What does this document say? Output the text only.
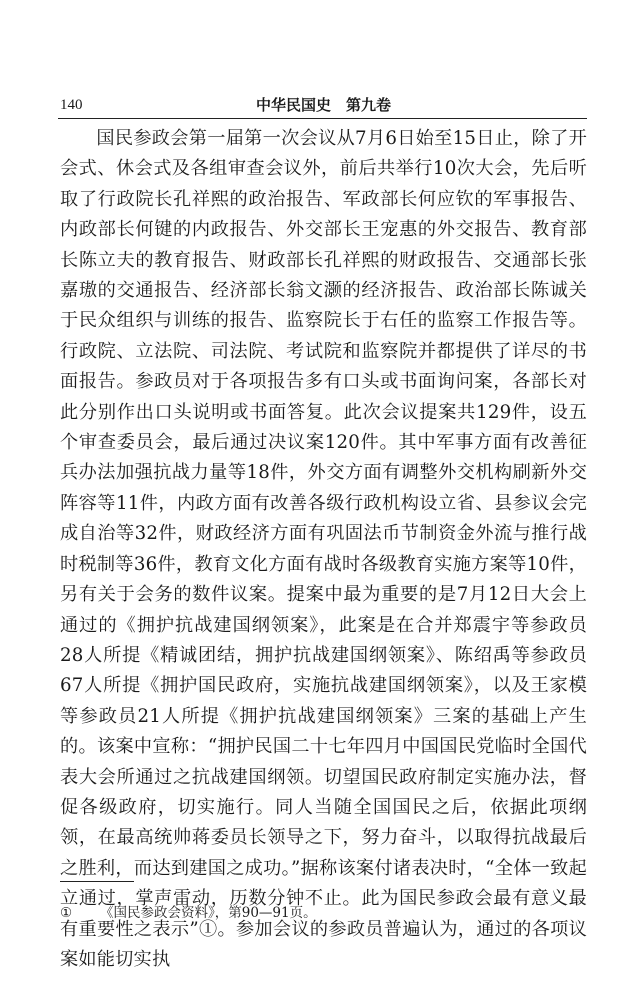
140	中华民国史　第九卷

国民参政会第一届第一次会议从7月6日始至15日止，除了开会式、休会式及各组审查会议外，前后共举行10次大会，先后听取了行政院长孔祥熙的政治报告、军政部长何应钦的军事报告、内政部长何键的内政报告、外交部长王宠惠的外交报告、教育部长陈立夫的教育报告、财政部长孔祥熙的财政报告、交通部长张嘉璈的交通报告、经济部长翁文灏的经济报告、政治部长陈诚关于民众组织与训练的报告、监察院长于右任的监察工作报告等。行政院、立法院、司法院、考试院和监察院并都提供了详尽的书面报告。参政员对于各项报告多有口头或书面询问案，各部长对此分别作出口头说明或书面答复。此次会议提案共129件，设五个审查委员会，最后通过决议案120件。其中军事方面有改善征兵办法加强抗战力量等18件，外交方面有调整外交机构刷新外交阵容等11件，内政方面有改善各级行政机构设立省、县参议会完成自治等32件，财政经济方面有巩固法币节制资金外流与推行战时税制等36件，教育文化方面有战时各级教育实施方案等10件，另有关于会务的数件议案。提案中最为重要的是7月12日大会上通过的《拥护抗战建国纲领案》，此案是在合并郑震宇等参政员28人所提《精诚团结，拥护抗战建国纲领案》、陈绍禹等参政员67人所提《拥护国民政府，实施抗战建国纲领案》，以及王家模等参政员21人所提《拥护抗战建国纲领案》三案的基础上产生的。该案中宣称：“拥护民国二十七年四月中国国民党临时全国代表大会所通过之抗战建国纲领。切望国民政府制定实施办法，督促各级政府，切实施行。同人当随全国国民之后，依据此项纲领，在最高统帅蒋委员长领导之下，努力奋斗，以取得抗战最后之胜利，而达到建国之成功。”据称该案付诸表决时，“全体一致起立通过，掌声雷动，历数分钟不止。此为国民参政会最有意义最有重要性之表示”①。参加会议的参政员普遍认为，通过的各项议案如能切实执

① 《国民参政会资料》，第90—91页。
